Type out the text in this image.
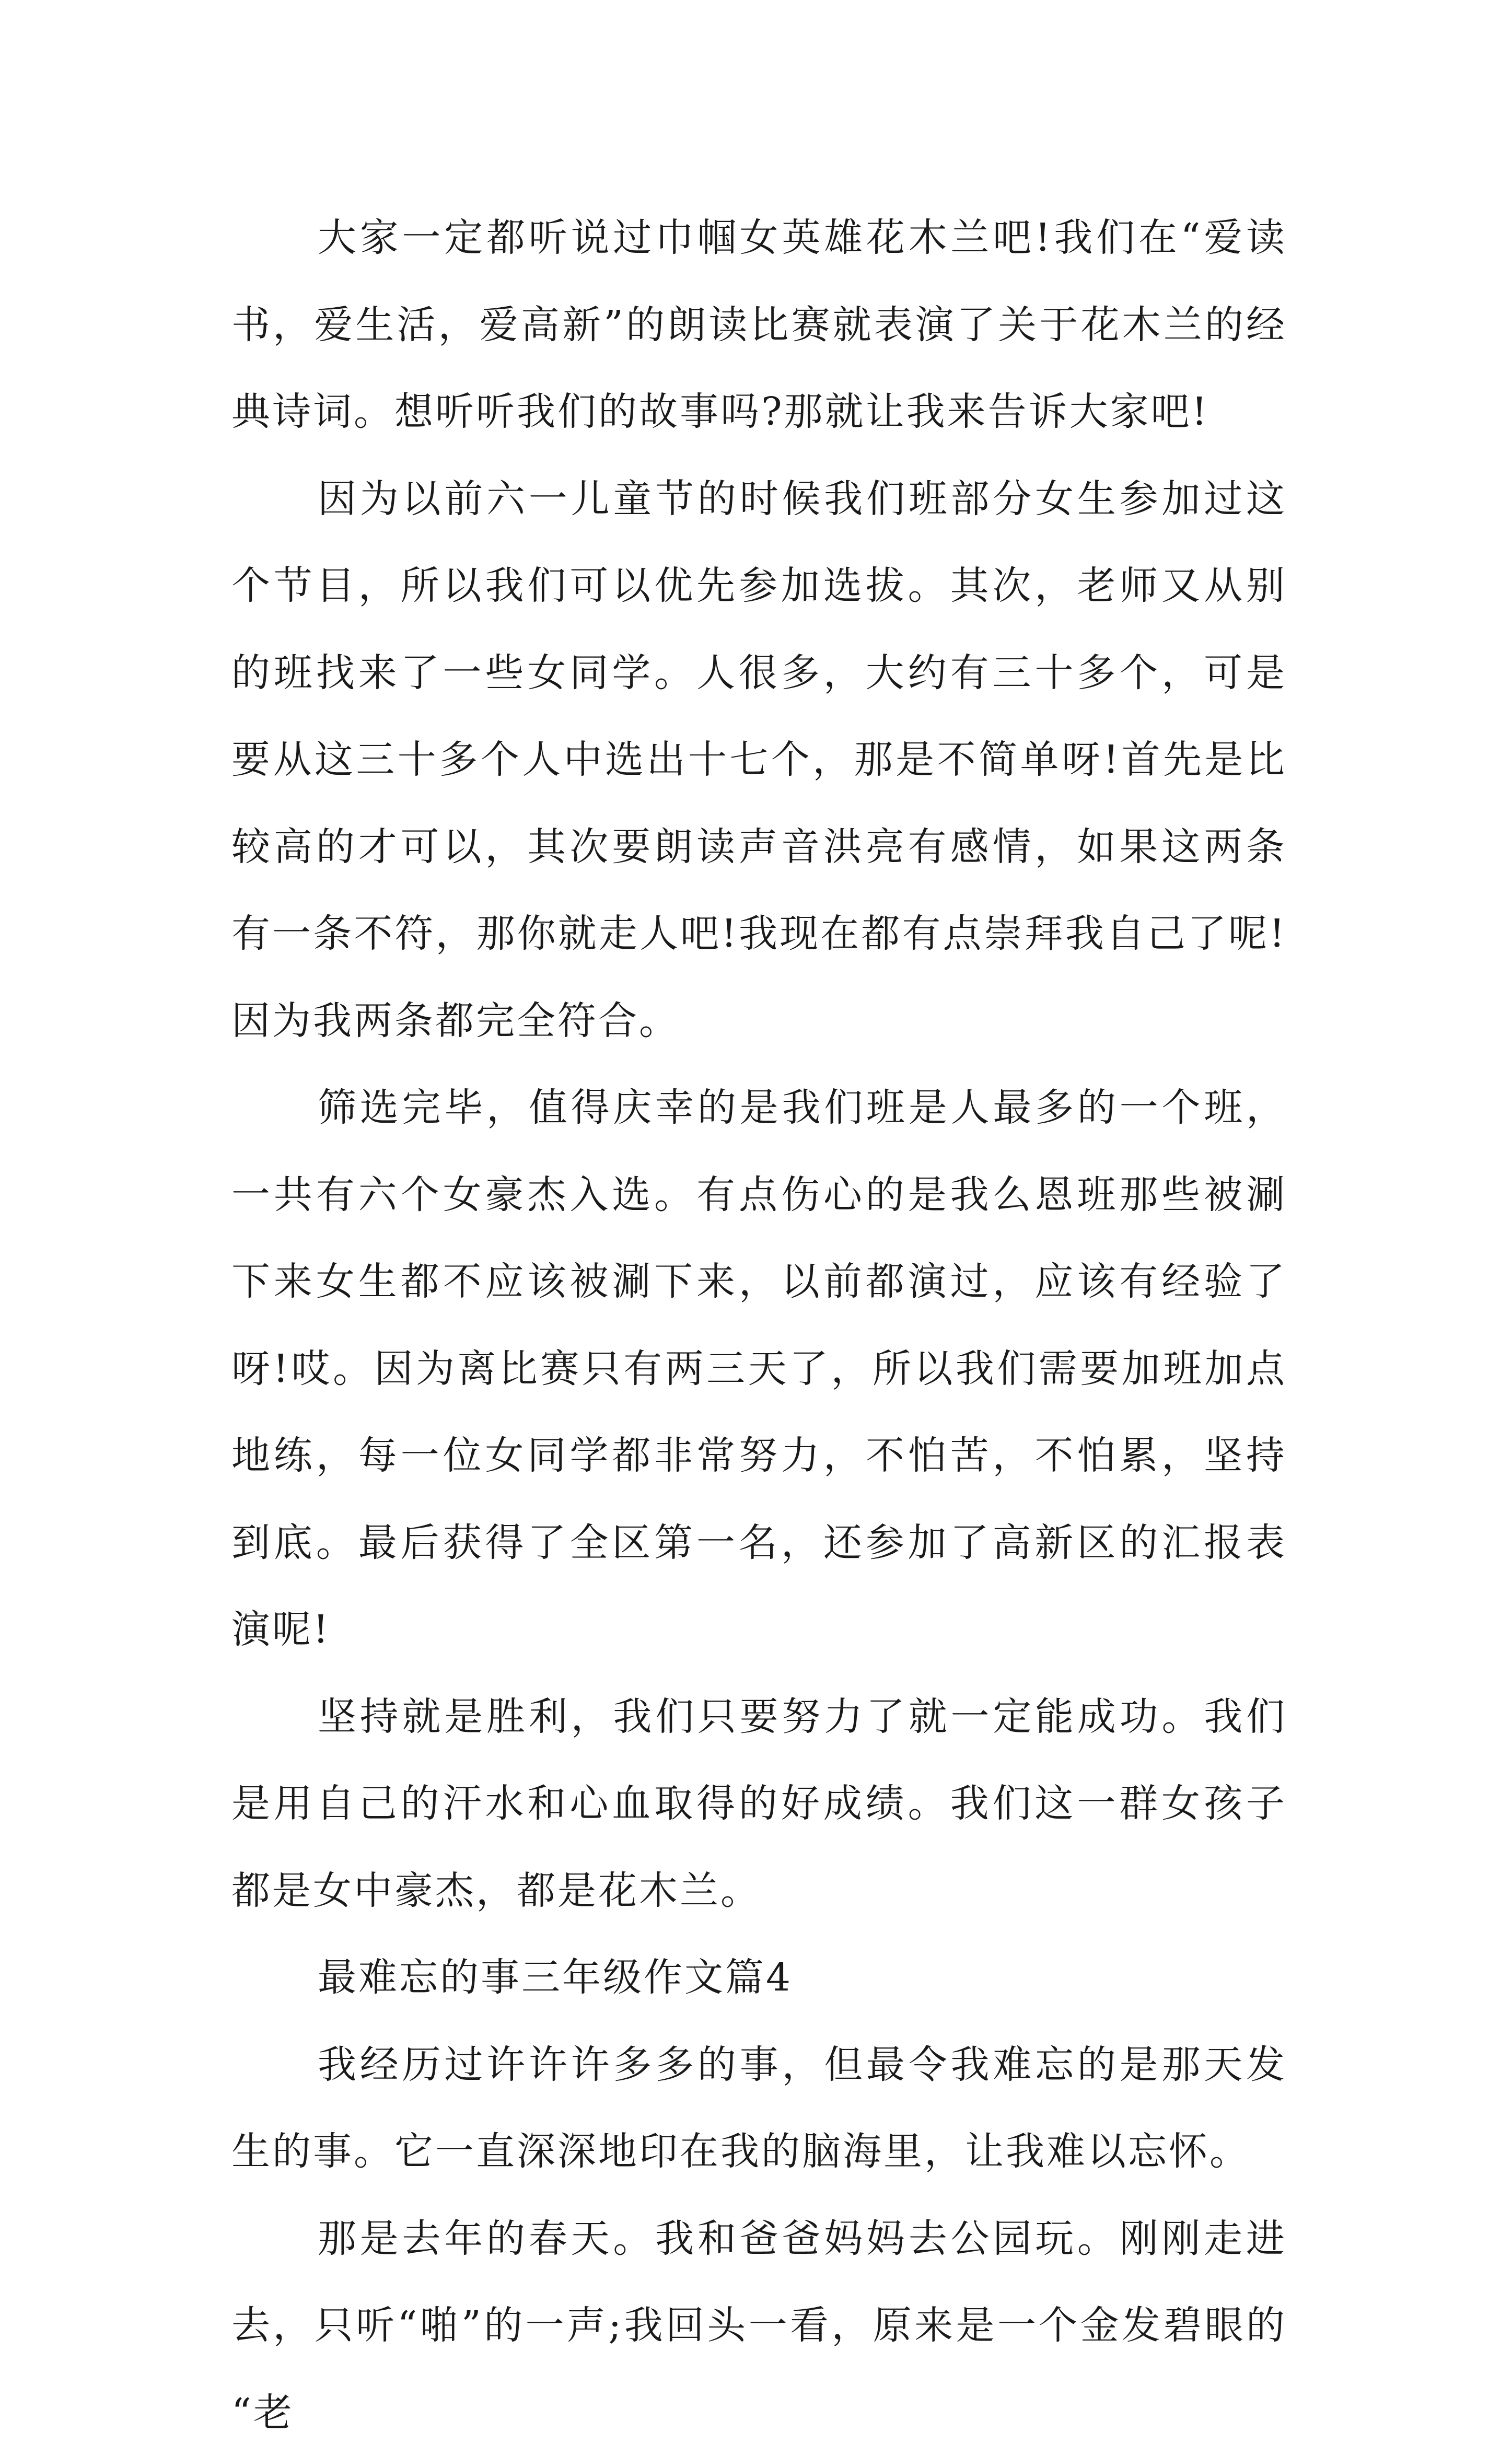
大家一定都听说过巾帼女英雄花木兰吧!我们在“爱读书，爱生活，爱高新”的朗读比赛就表演了关于花木兰的经典诗词。想听听我们的故事吗?那就让我来告诉大家吧!

因为以前六一儿童节的时候我们班部分女生参加过这个节目，所以我们可以优先参加选拔。其次，老师又从别的班找来了一些女同学。人很多，大约有三十多个，可是要从这三十多个人中选出十七个，那是不简单呀!首先是比较高的才可以，其次要朗读声音洪亮有感情，如果这两条有一条不符，那你就走人吧!我现在都有点崇拜我自己了呢!因为我两条都完全符合。

筛选完毕，值得庆幸的是我们班是人最多的一个班，一共有六个女豪杰入选。有点伤心的是我么恩班那些被涮下来女生都不应该被涮下来，以前都演过，应该有经验了呀!哎。因为离比赛只有两三天了，所以我们需要加班加点地练，每一位女同学都非常努力，不怕苦，不怕累，坚持到底。最后获得了全区第一名，还参加了高新区的汇报表演呢!

坚持就是胜利，我们只要努力了就一定能成功。我们是用自己的汗水和心血取得的好成绩。我们这一群女孩子都是女中豪杰，都是花木兰。

最难忘的事三年级作文篇4

我经历过许许许多多的事，但最令我难忘的是那天发生的事。它一直深深地印在我的脑海里，让我难以忘怀。

那是去年的春天。我和爸爸妈妈去公园玩。刚刚走进去，只听“啪”的一声;我回头一看，原来是一个金发碧眼的“老
